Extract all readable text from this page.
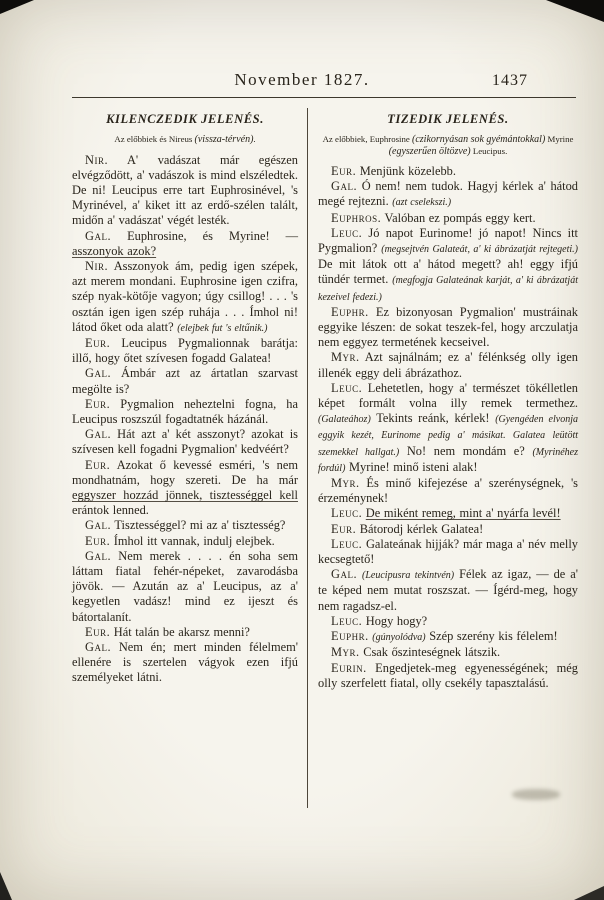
November 1827.	1437
KILENCZEDIK JELENÉS.
Az előbbiek és Nireus (vissza-térvén).

Nir. A' vadászat már egészen elvégződött, a' vadászok is mind elszéledtek. De ni! Leucipus erre tart Euphrosinével, 's Myrinével, a' kiket itt az erdő-szélen talált, midőn a' vadászat' végét lesték.

Gal. Euphrosine, és Myrine! — asszonyok azok?

Nir. Asszonyok ám, pedig igen szépek, azt merem mondani. Euphrosine igen czifra, szép nyak-kötője vagyon; úgy csillog! . . . 's osztán igen igen szép ruhája . . . Ímhol ni! látod őket oda alatt? (elejbek fut 's eltűnik.)

Eur. Leucipus Pygmalionnak barátja: illő, hogy őtet szívesen fogadd Galatea!

Gal. Ámbár azt az ártatlan szarvast megölte is?

Eur. Pygmalion neheztelni fogna, ha Leucipus roszszúl fogadtatnék házánál.

Gal. Hát azt a' két asszonyt? azokat is szívesen kell fogadni Pygmalion' kedvéért?

Eur. Azokat ő kevessé esméri, 's nem mondhatnám, hogy szereti. De ha már eggyszer hozzád jönnek, tisztességgel kell erántok lenned.

Gal. Tisztességgel? mi az a' tisztesség?

Eur. Ímhol itt vannak, indulj elejbek.

Gal. Nem merek . . . . én soha sem láttam fiatal fehér-népeket, zavarodásba jövök. — Azután az a' Leucipus, az a' kegyetlen vadász! mind ez ijeszt és bátortalanít.

Eur. Hát talán be akarsz menni?

Gal. Nem én; mert minden félelmem' ellenére is szertelen vágyok ezen ifjú személyeket látni.

TIZEDIK JELENÉS.
Az előbbiek, Euphrosine (czikornyásan sok gyémántokkal) Myrine (egyszerűen öltözve) Leucipus.

Eur. Menjünk közelebb.

Gal. Ó nem! nem tudok. Hagyj kérlek a' hátod megé rejtezni. (azt cselekszi.)

Euphros. Valóban ez pompás eggy kert.

Leuc. Jó napot Eurinome! jó napot! Nincs itt Pygmalion? (megsejtvén Galateát, a' ki ábrázatját rejtegeti.) De mit látok ott a' hátod megett? ah! eggy ifjú tündér termet. (megfogja Galateának karját, a' ki ábrázatját kezeivel fedezi.)

Euphr. Ez bizonyosan Pygmalion' mustráinak eggyike lészen: de sokat teszek-fel, hogy arczulatja nem eggyez termetének kecseivel.

Myr. Azt sajnálnám; ez a' félénkség olly igen illenék eggy deli ábrázathoz.

Leuc. Lehetetlen, hogy a' természet tökélletlen képet formált volna illy remek termethez. (Galateához) Tekints reánk, kérlek! (Gyengéden elvonja eggyik kezét, Eurinome pedig a' másikat. Galatea leütött szemekkel hallgat.) No! nem mondám e? (Myrinéhez fordúl) Myrine! minő isteni alak!

Myr. És minő kifejezése a' szerénységnek, 's érzeménynek!

Leuc. De miként remeg, mint a' nyárfa levél!

Eur. Bátorodj kérlek Galatea!

Leuc. Galateának hijják? már maga a' név melly kecsegtető!

Gal. (Leucipusra tekintvén) Félek az igaz, — de a' te képed nem mutat roszszat. — Ígérd-meg, hogy nem ragadsz-el.

Leuc. Hogy hogy?

Euphr. (gúnyolódva) Szép szerény kis félelem!

Myr. Csak őszinteségnek látszik.

Eurin. Engedjetek-meg egyenességének; még olly szerfelett fiatal, olly csekély tapasztalású.
